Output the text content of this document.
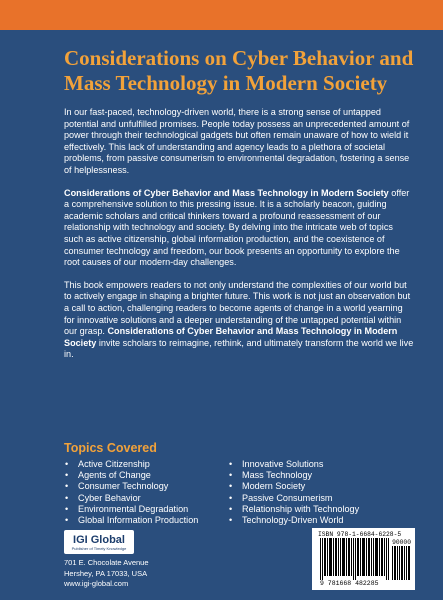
Considerations on Cyber Behavior and Mass Technology in Modern Society

In our fast-paced, technology-driven world, there is a strong sense of untapped potential and unfulfilled promises. People today possess an unprecedented amount of power through their technological gadgets but often remain unaware of how to wield it effectively. This lack of understanding and agency leads to a plethora of societal problems, from passive consumerism to environmental degradation, fostering a sense of helplessness.

Considerations of Cyber Behavior and Mass Technology in Modern Society offer a comprehensive solution to this pressing issue. It is a scholarly beacon, guiding academic scholars and critical thinkers toward a profound reassessment of our relationship with technology and society. By delving into the intricate web of topics such as active citizenship, global information production, and the coexistence of consumer technology and freedom, our book presents an opportunity to explore the root causes of our modern-day challenges.

This book empowers readers to not only understand the complexities of our world but to actively engage in shaping a brighter future. This work is not just an observation but a call to action, challenging readers to become agents of change in a world yearning for innovative solutions and a deeper understanding of the untapped potential within our grasp. Considerations of Cyber Behavior and Mass Technology in Modern Society invite scholars to reimagine, rethink, and ultimately transform the world we live in.

Topics Covered
• Active Citizenship
• Agents of Change
• Consumer Technology
• Cyber Behavior
• Environmental Degradation
• Global Information Production
• Innovative Solutions
• Mass Technology
• Modern Society
• Passive Consumerism
• Relationship with Technology
• Technology-Driven World
IGI Global
Publisher of Timely Knowledge
701 E. Chocolate Avenue
Hershey, PA 17033, USA
www.igi-global.com
ISBN 978-1-6684-6228-5
90000
9 781668 482285
